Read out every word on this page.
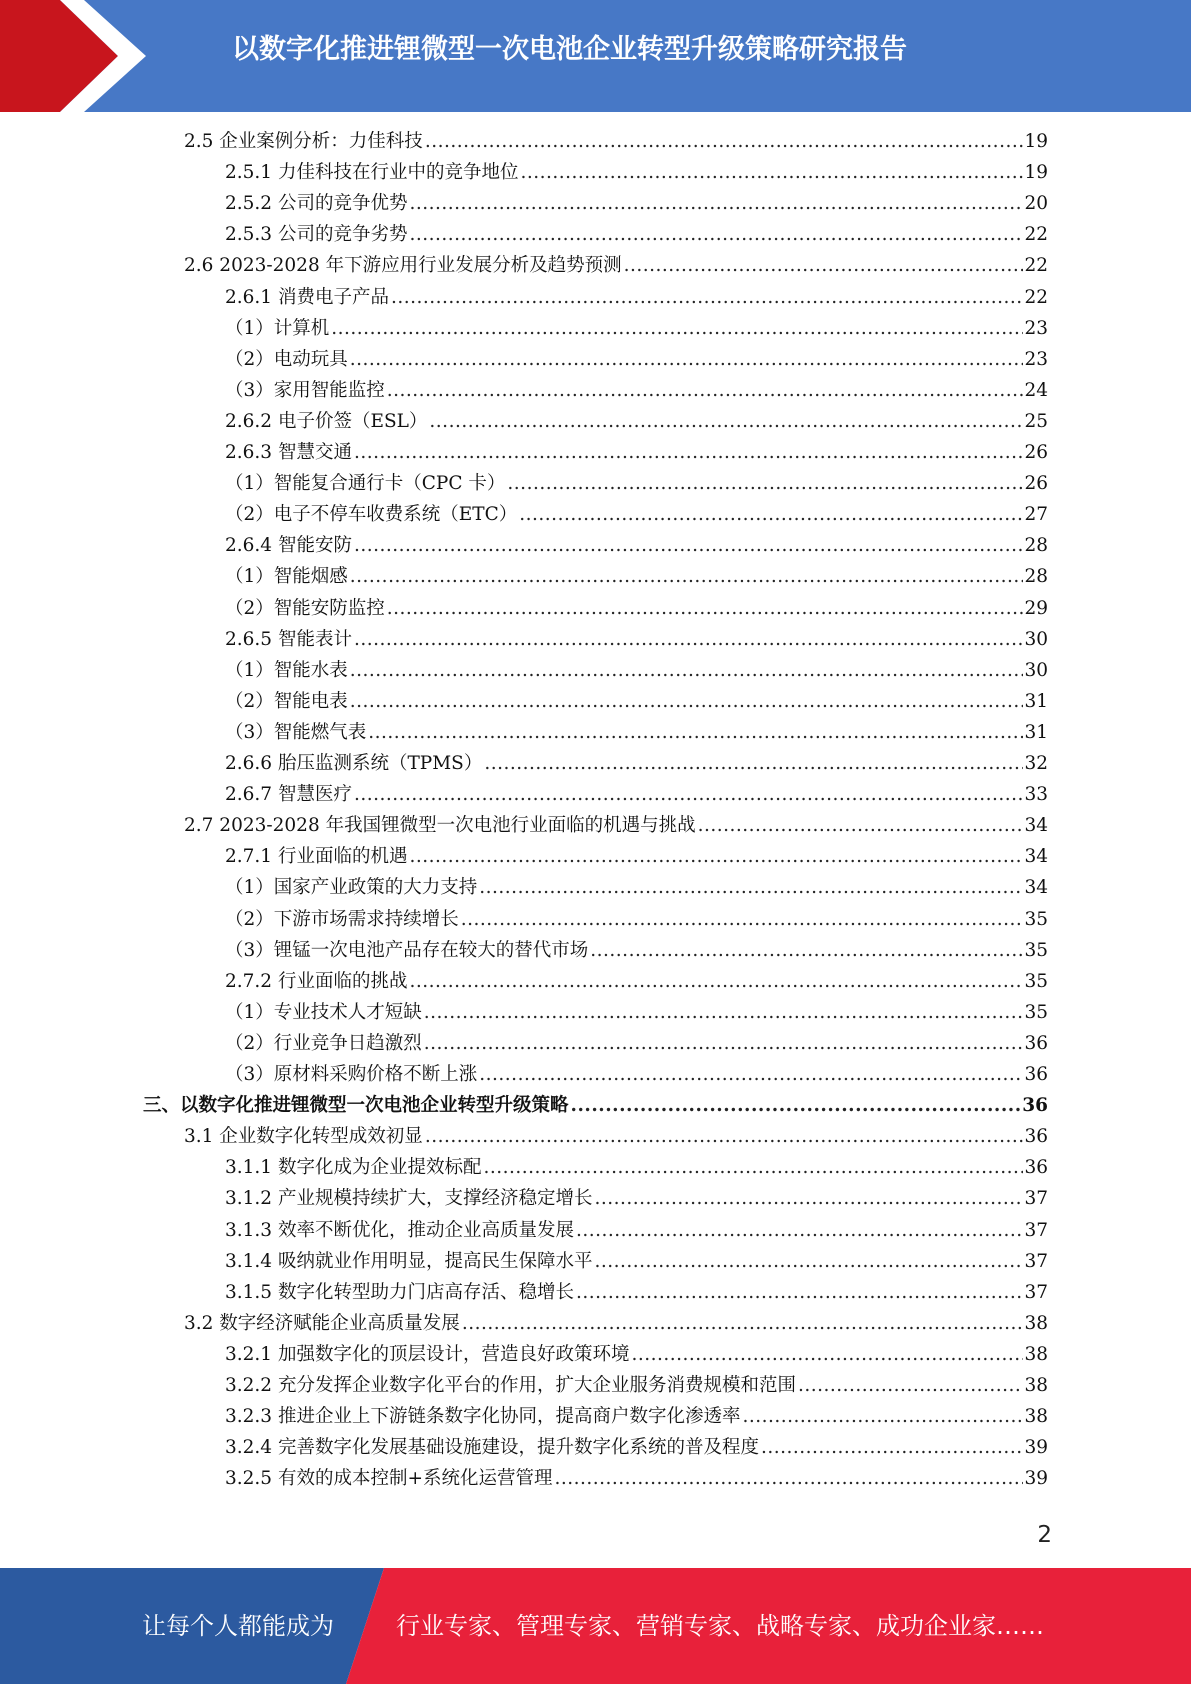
以数字化推进锂微型一次电池企业转型升级策略研究报告
2.5 企业案例分析：力佳科技 .....	19
2.5.1 力佳科技在行业中的竞争地位 .....	19
2.5.2 公司的竞争优势 .....	20
2.5.3 公司的竞争劣势 .....	22
2.6 2023-2028 年下游应用行业发展分析及趋势预测 .....	22
2.6.1 消费电子产品 .....	22
（1）计算机 .....	23
（2）电动玩具 .....	23
（3）家用智能监控 .....	24
2.6.2 电子价签（ESL） .....	25
2.6.3 智慧交通 .....	26
（1）智能复合通行卡（CPC 卡） .....	26
（2）电子不停车收费系统（ETC） .....	27
2.6.4 智能安防 .....	28
（1）智能烟感 .....	28
（2）智能安防监控 .....	29
2.6.5 智能表计 .....	30
（1）智能水表 .....	30
（2）智能电表 .....	31
（3）智能燃气表 .....	31
2.6.6 胎压监测系统（TPMS） .....	32
2.6.7 智慧医疗 .....	33
2.7 2023-2028 年我国锂微型一次电池行业面临的机遇与挑战 .....	34
2.7.1 行业面临的机遇 .....	34
（1）国家产业政策的大力支持 .....	34
（2）下游市场需求持续增长 .....	35
（3）锂锰一次电池产品存在较大的替代市场 .....	35
2.7.2 行业面临的挑战 .....	35
（1）专业技术人才短缺 .....	35
（2）行业竞争日趋激烈 .....	36
（3）原材料采购价格不断上涨 .....	36
三、以数字化推进锂微型一次电池企业转型升级策略 .....	36
3.1 企业数字化转型成效初显 .....	36
3.1.1 数字化成为企业提效标配 .....	36
3.1.2 产业规模持续扩大，支撑经济稳定增长 .....	37
3.1.3 效率不断优化，推动企业高质量发展 .....	37
3.1.4 吸纳就业作用明显，提高民生保障水平 .....	37
3.1.5 数字化转型助力门店高存活、稳增长 .....	37
3.2 数字经济赋能企业高质量发展 .....	38
3.2.1 加强数字化的顶层设计，营造良好政策环境 .....	38
3.2.2 充分发挥企业数字化平台的作用，扩大企业服务消费规模和范围 .....	38
3.2.3 推进企业上下游链条数字化协同，提高商户数字化渗透率 .....	38
3.2.4 完善数字化发展基础设施建设，提升数字化系统的普及程度 .....	39
3.2.5 有效的成本控制+系统化运营管理 .....	39
2
让每个人都能成为	行业专家、管理专家、营销专家、战略专家、成功企业家……
